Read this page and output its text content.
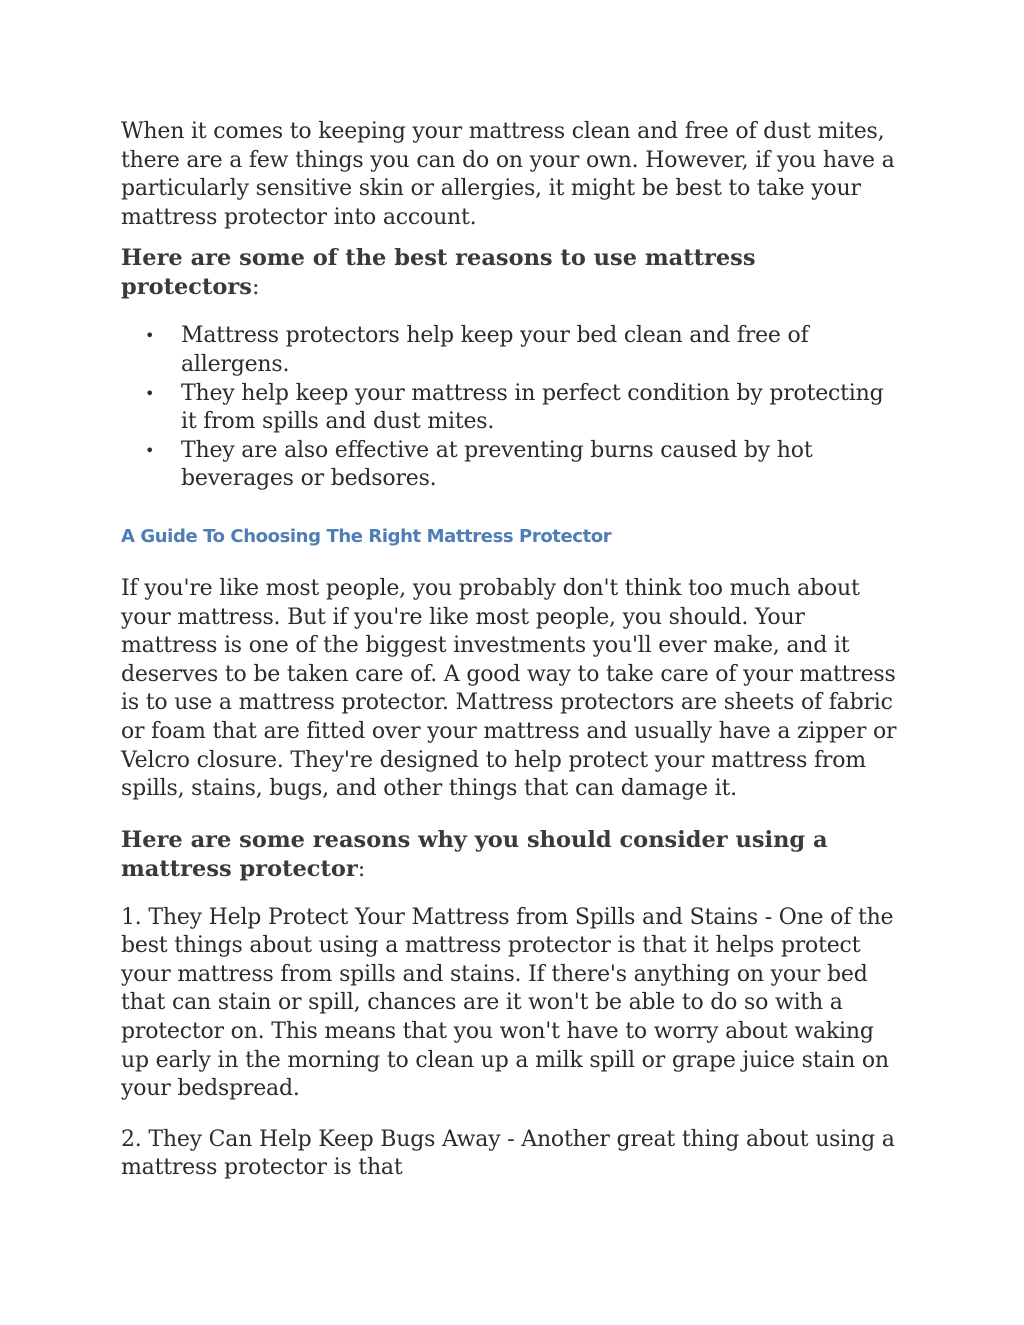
When it comes to keeping your mattress clean and free of dust mites, there are a few things you can do on your own. However, if you have a particularly sensitive skin or allergies, it might be best to take your mattress protector into account.

Here are some of the best reasons to use mattress protectors:
• Mattress protectors help keep your bed clean and free of allergens.
• They help keep your mattress in perfect condition by protecting it from spills and dust mites.
• They are also effective at preventing burns caused by hot beverages or bedsores.
A Guide To Choosing The Right Mattress Protector

If you're like most people, you probably don't think too much about your mattress. But if you're like most people, you should. Your mattress is one of the biggest investments you'll ever make, and it deserves to be taken care of. A good way to take care of your mattress is to use a mattress protector. Mattress protectors are sheets of fabric or foam that are fitted over your mattress and usually have a zipper or Velcro closure. They're designed to help protect your mattress from spills, stains, bugs, and other things that can damage it.

Here are some reasons why you should consider using a mattress protector:

1. They Help Protect Your Mattress from Spills and Stains - One of the best things about using a mattress protector is that it helps protect your mattress from spills and stains. If there's anything on your bed that can stain or spill, chances are it won't be able to do so with a protector on. This means that you won't have to worry about waking up early in the morning to clean up a milk spill or grape juice stain on your bedspread.

2. They Can Help Keep Bugs Away - Another great thing about using a mattress protector is that
